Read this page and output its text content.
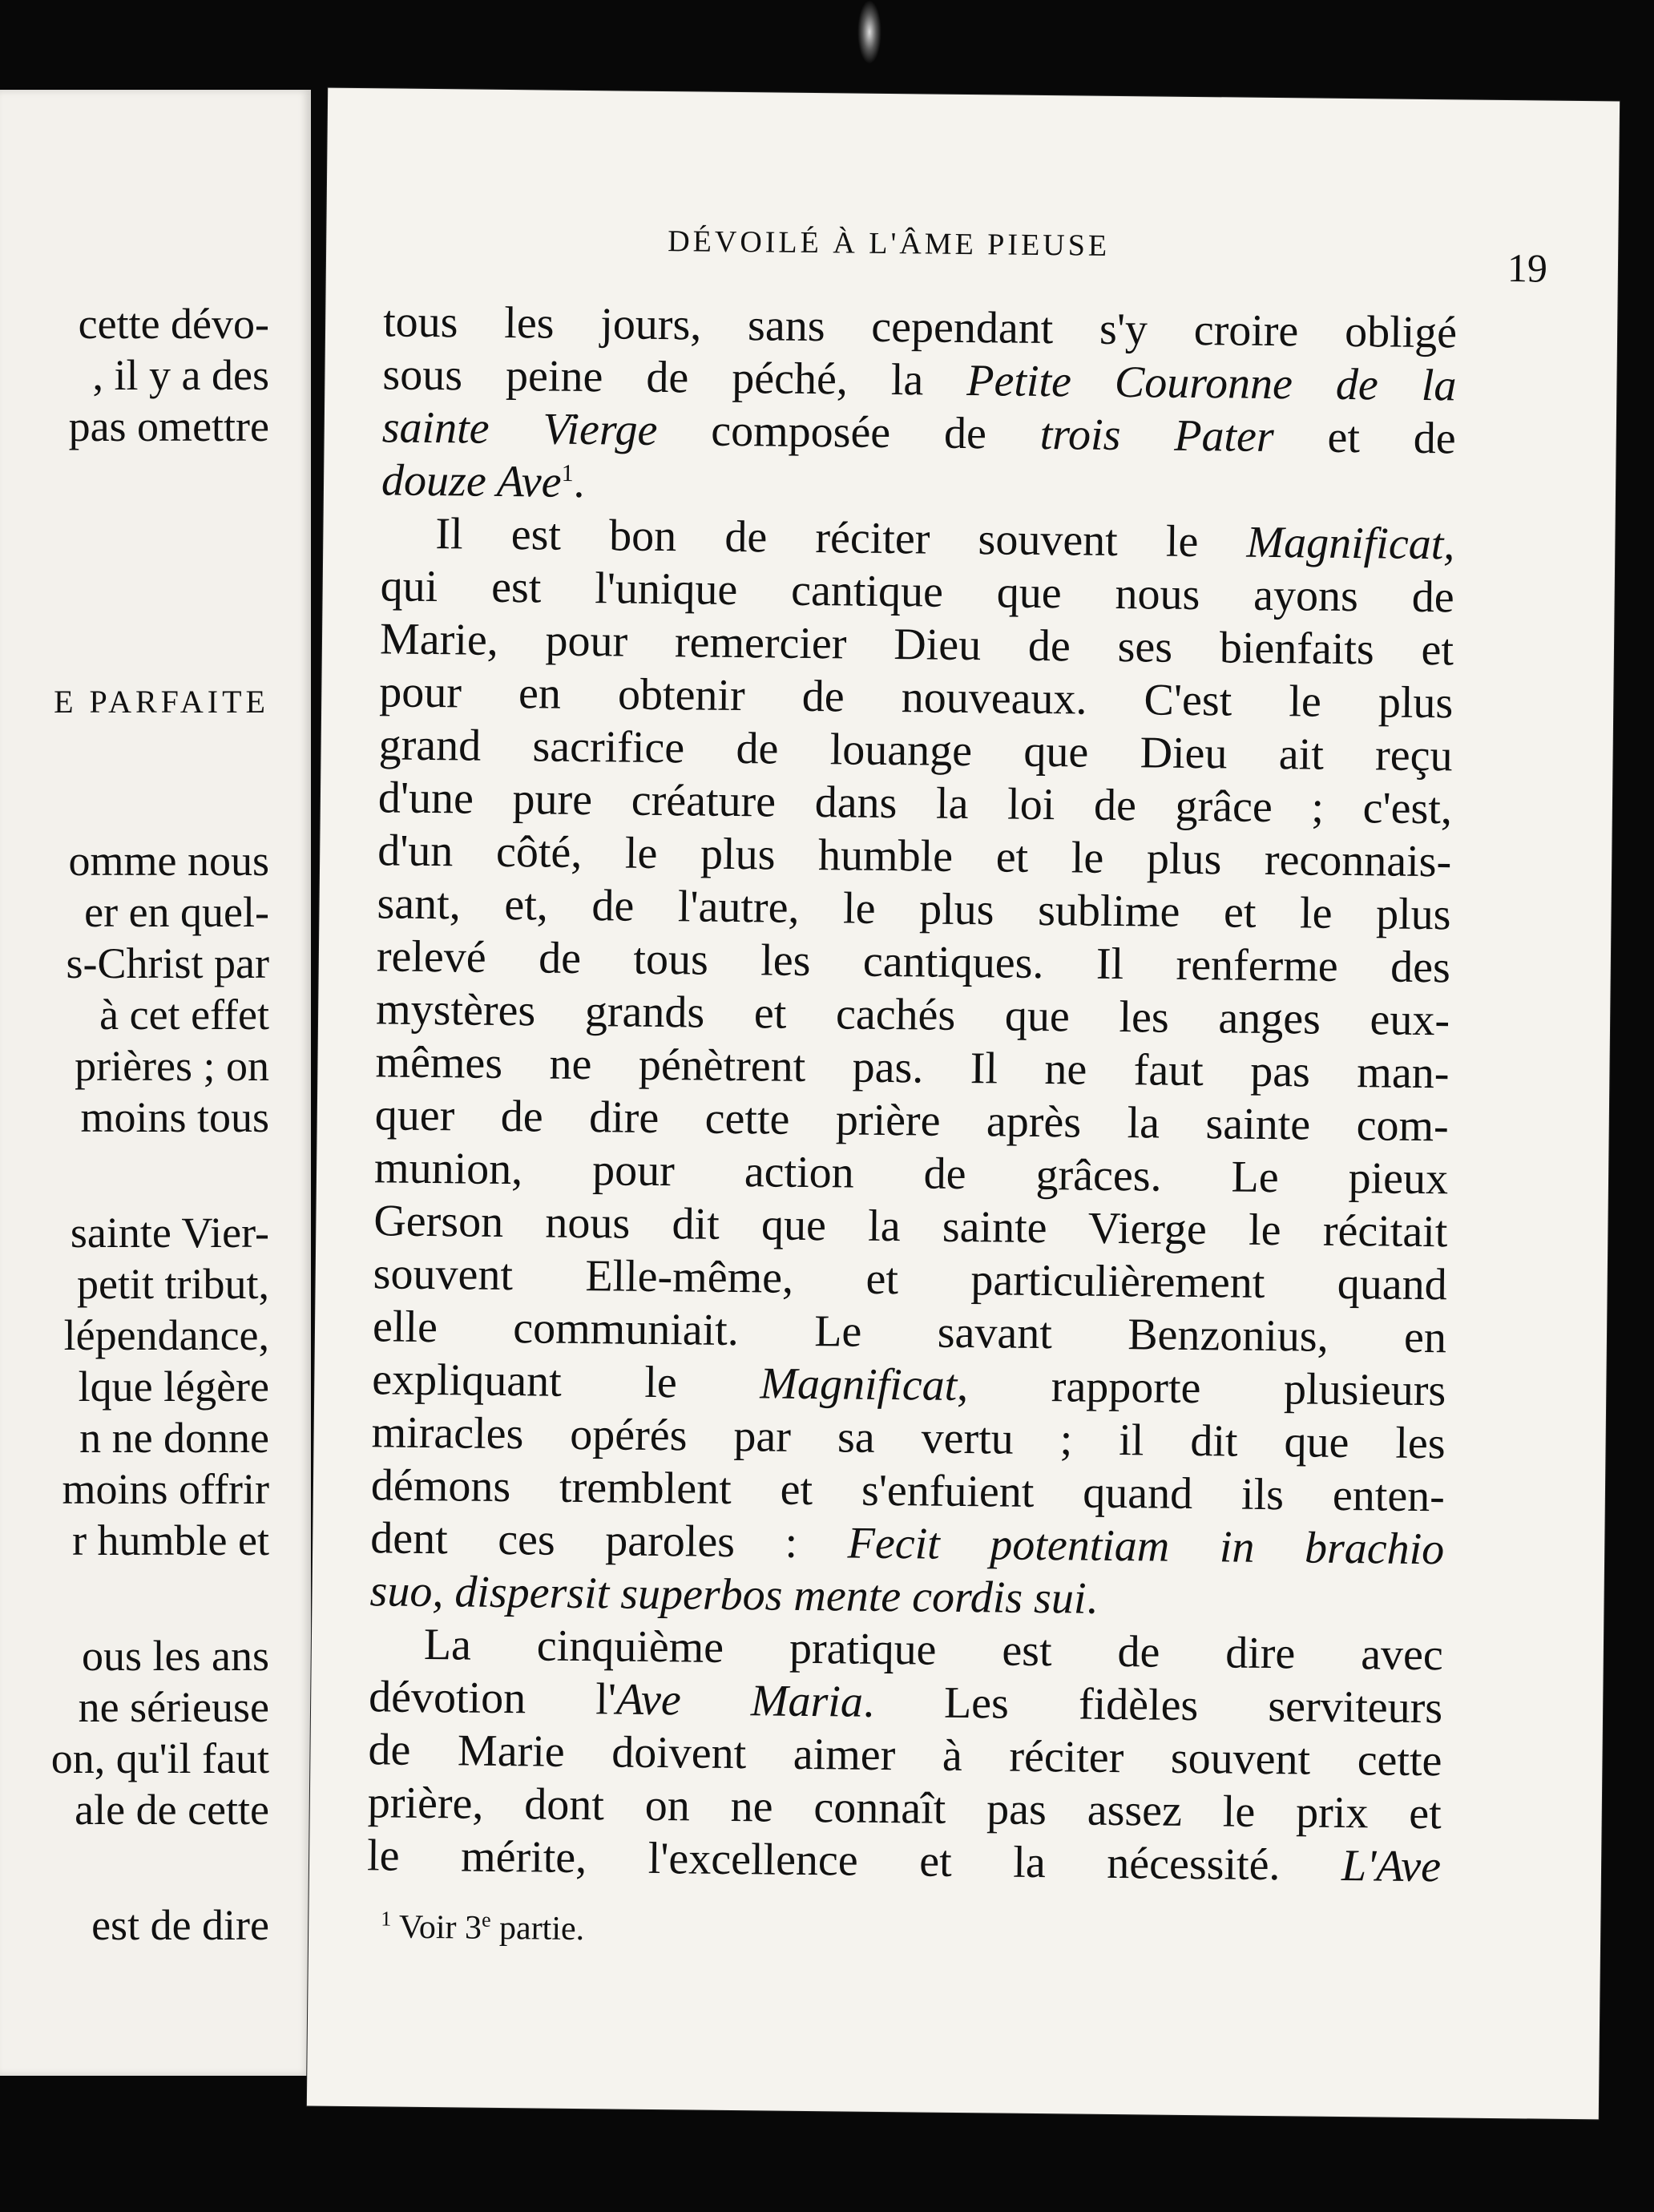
cette dévo-
, il y a des
pas omettre
E PARFAITE
omme nous
er en quel-
s-Christ par
à cet effet
prières ; on
moins tous
sainte Vier-
petit tribut,
lépendance,
lque légère
n ne donne
moins offrir
r humble et
ous les ans
ne sérieuse
on, qu'il faut
ale de cette
est de dire
DÉVOILÉ À L'ÂME PIEUSE
19
tous les jours, sans cependant s'y croire obligé
sous peine de péché, la Petite Couronne de la
sainte Vierge composée de trois Pater et de
douze Ave$^1$.
Il est bon de réciter souvent le Magnificat,
qui est l'unique cantique que nous ayons de
Marie, pour remercier Dieu de ses bienfaits et
pour en obtenir de nouveaux. C'est le plus
grand sacrifice de louange que Dieu ait reçu
d'une pure créature dans la loi de grâce ; c'est,
d'un côté, le plus humble et le plus reconnais-
sant, et, de l'autre, le plus sublime et le plus
relevé de tous les cantiques. Il renferme des
mystères grands et cachés que les anges eux-
mêmes ne pénètrent pas. Il ne faut pas man-
quer de dire cette prière après la sainte com-
munion, pour action de grâces. Le pieux
Gerson nous dit que la sainte Vierge le récitait
souvent Elle-même, et particulièrement quand
elle communiait. Le savant Benzonius, en
expliquant le Magnificat, rapporte plusieurs
miracles opérés par sa vertu ; il dit que les
démons tremblent et s'enfuient quand ils enten-
dent ces paroles : Fecit potentiam in brachio
suo, dispersit superbos mente cordis sui.
La cinquième pratique est de dire avec
dévotion l'Ave Maria. Les fidèles serviteurs
de Marie doivent aimer à réciter souvent cette
prière, dont on ne connaît pas assez le prix et
le mérite, l'excellence et la nécessité. L'Ave
$^1$ Voir 3e partie.
